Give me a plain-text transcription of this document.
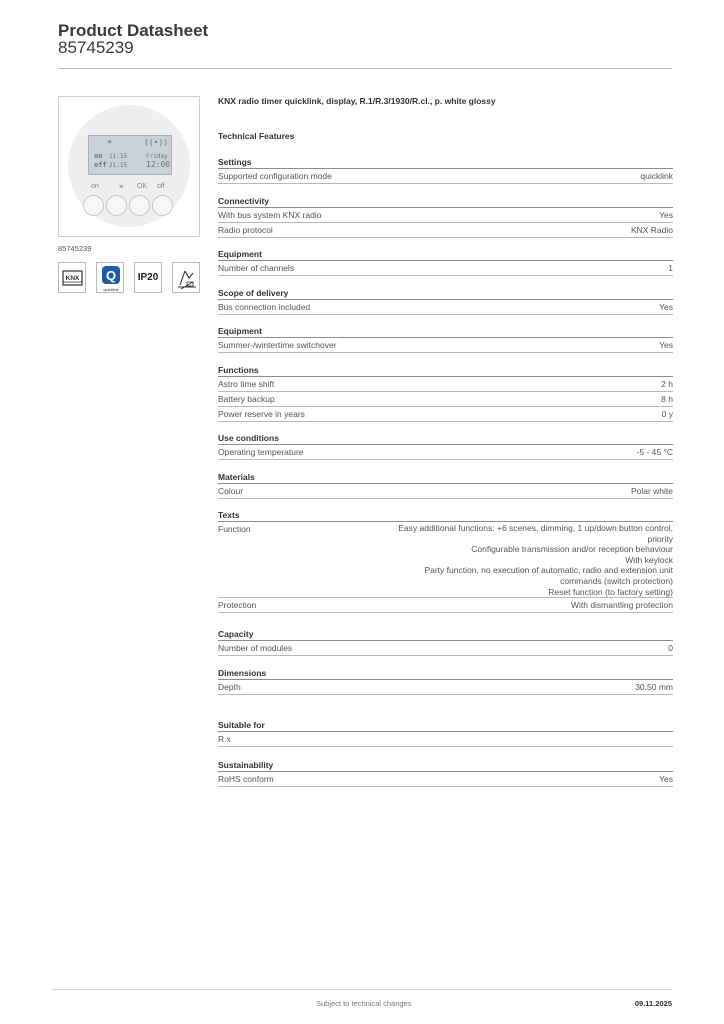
Product Datasheet
85745239
☀	((•))
on 11:15	Friday
off 21:15 12:00
on	☀ OK off
85745239
KNX Q
quicklink
IP20
KNX radio timer quicklink, display, R.1/R.3/1930/R.cl., p. white glossy
Technical Features
Settings
Supported configuration mode	quicklink
Connectivity
With bus system KNX radio	Yes
Radio protocol	KNX Radio
Equipment
Number of channels	1
Scope of delivery
Bus connection included	Yes
Equipment
Summer-/wintertime switchover	Yes
Functions
Astro time shift	2 h
Battery backup	8 h
Power reserve in years	0 y
Use conditions
Operating temperature	-5 - 45 °C
Materials
Colour	Polar white
Texts
Function	Easy additional functions: +6 scenes, dimming, 1 up/down button control,
priority
Configurable transmission and/or reception behaviour
With keylock
Party function, no execution of automatic, radio and extension unit
commands (switch protection)
Reset function (to factory setting)
Protection	With dismantling protection
Capacity
Number of modules	0
Dimensions
Depth	30.50 mm
Suitable for
R.x
Sustainability
RoHS conform	Yes
Subject to technical changes	09.11.2025
